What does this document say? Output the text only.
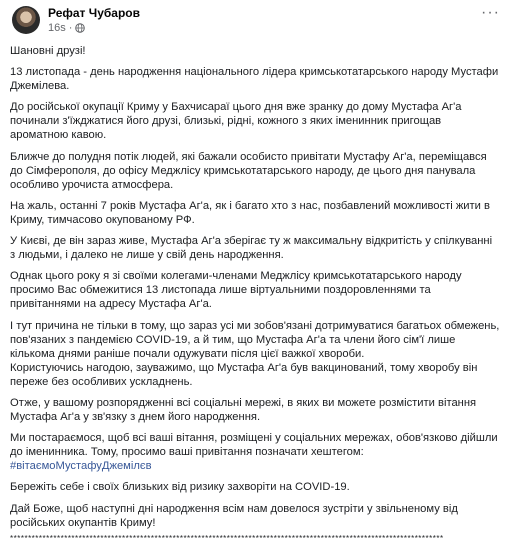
Рефат Чубаров
16s ·
···

Шановні друзі!

13 листопада - день народження національного лідера кримськотатарського народу Мустафи Джемілева.

До російської окупації Криму у Бахчисараї цього дня вже зранку до дому Мустафа Аг'а починали з'їжджатися його друзі, близькі, рідні, кожного з яких іменинник пригощав ароматною кавою.

Ближче до полудня потік людей, які бажали особисто привітати Мустафу Аг'а, переміщався до Сімферополя, до офісу Меджлісу кримськотатарського народу, де цього дня панувала особливо урочиста атмосфера.

На жаль, останні 7 років Мустафа Аг'а, як і багато хто з нас, позбавлений можливості жити в Криму, тимчасово окупованому РФ.

У Києві, де він зараз живе, Мустафа Аг'а зберігає ту ж максимальну відкритість у спілкуванні з людьми, і далеко не лише у свій день народження.

Однак цього року я зі своїми колегами-членами Меджлісу кримськотатарського народу просимо Вас обмежитися 13 листопада лише віртуальними поздоровленнями та привітаннями на адресу Мустафа Аг'а.

І тут причина не тільки в тому, що зараз усі ми зобов'язані дотримуватися багатьох обмежень, пов'язаних з пандемією COVID-19, а й тим, що Мустафа Аг'а та члени його сім'ї лише кількома днями раніше почали одужувати після цієї важкої хвороби.

Користуючись нагодою, зауважимо, що Мустафа Аг'а був вакцинований, тому хворобу він переже без особливих ускладнень.

Отже, у вашому розпорядженні всі соціальні мережі, в яких ви можете розмістити вітання Мустафа Аг'а у зв'язку з днем його народження.

Ми постараємося, щоб всі ваші вітання, розміщені у соціальних мережах, обов'язково дійшли до іменинника. Тому, просимо ваші привітання позначати хештегом:

#вітаємоМустафуДжемілєв

Бережіть себе і своїх близьких від ризику захворіти на COVID-19.

Дай Боже, щоб наступні дні народження всім нам довелося зустріти у звільненому від російських окупантів Криму!

************************************************************************************************************************
